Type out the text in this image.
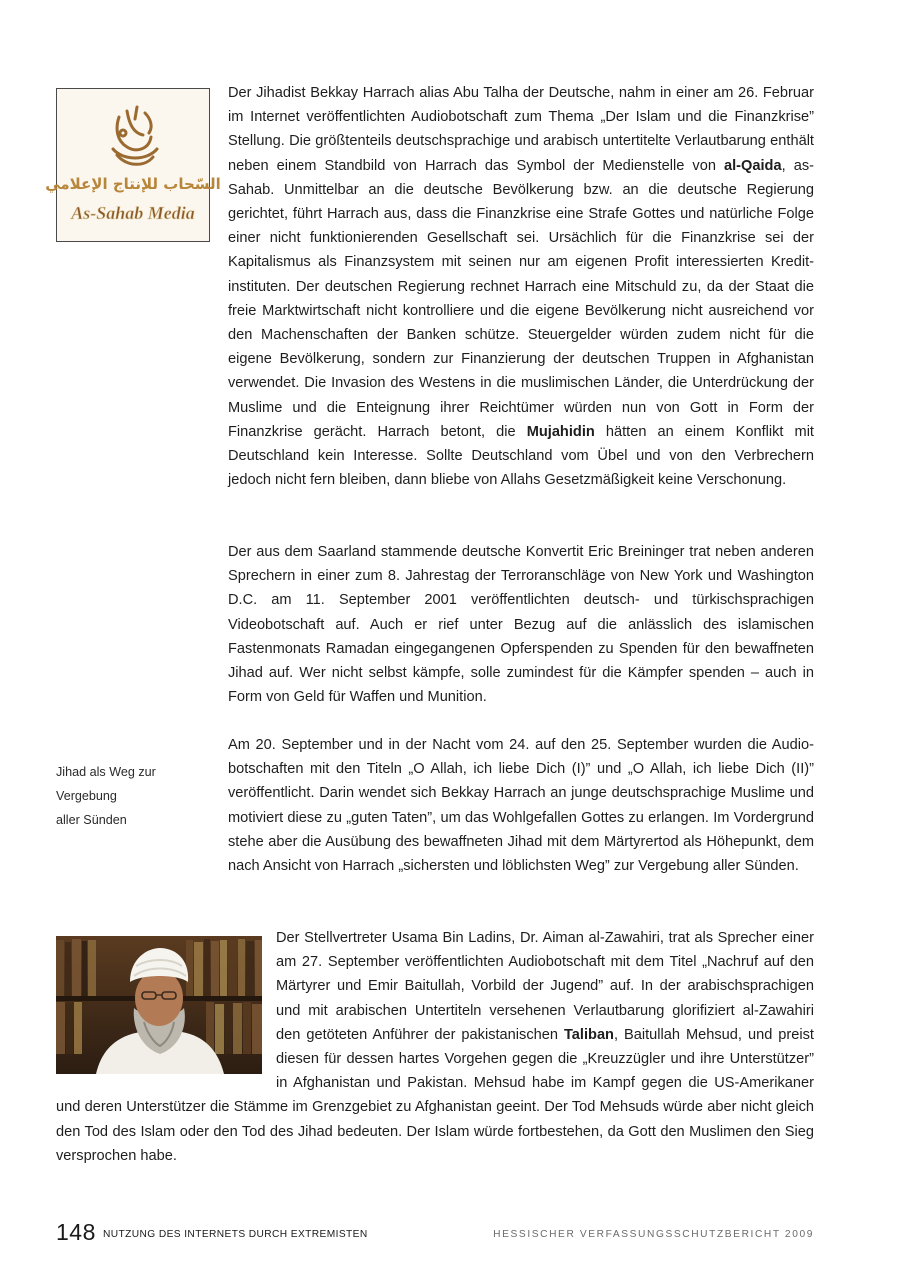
السّحاب للإنتاج الإعلامي
As-Sahab Media

Der Jihadist Bekkay Harrach alias Abu Talha der Deutsche, nahm in einer am 26. Februar im Internet veröffentlichten Audiobotschaft zum Thema „Der Islam und die Finanzkrise” Stellung. Die größtenteils deutschsprachige und arabisch untertitelte Verlautbarung enthält neben einem Standbild von Harrach das Symbol der Medienstelle von al-Qaida, as-Sahab. Unmittelbar an die deutsche Bevölkerung bzw. an die deutsche Regierung gerichtet, führt Harrach aus, dass die Finanzkrise eine Strafe Gottes und natürliche Folge einer nicht funktionierenden Gesellschaft sei. Ursächlich für die Finanzkrise sei der Kapitalismus als Finanzsystem mit seinen nur am eigenen Profit interessierten Kreditinstituten. Der deutschen Regierung rechnet Harrach eine Mitschuld zu, da der Staat die freie Marktwirtschaft nicht kontrolliere und die eigene Bevölkerung nicht ausreichend vor den Machenschaften der Banken schütze. Steuergelder würden zudem nicht für die eigene Bevölkerung, sondern zur Finanzierung der deutschen Truppen in Afghanistan verwendet. Die Invasion des Westens in die muslimischen Länder, die Unterdrückung der Muslime und die Enteignung ihrer Reichtümer würden nun von Gott in Form der Finanzkrise gerächt. Harrach betont, die Mujahidin hätten an einem Konflikt mit Deutschland kein Interesse. Sollte Deutschland vom Übel und von den Verbrechern jedoch nicht fern bleiben, dann bliebe von Allahs Gesetzmäßigkeit keine Verschonung.

Der aus dem Saarland stammende deutsche Konvertit Eric Breininger trat neben anderen Sprechern in einer zum 8. Jahrestag der Terroranschläge von New York und Washington D.C. am 11. September 2001 veröffentlichten deutsch- und türkischsprachigen Videobotschaft auf. Auch er rief unter Bezug auf die anlässlich des islamischen Fastenmonats Ramadan eingegangenen Opferspenden zu Spenden für den bewaffneten Jihad auf. Wer nicht selbst kämpfe, solle zumindest für die Kämpfer spenden – auch in Form von Geld für Waffen und Munition.

Jihad als Weg zur Vergebung
aller Sünden

Am 20. September und in der Nacht vom 24. auf den 25. September wurden die Audiobotschaften mit den Titeln „O Allah, ich liebe Dich (I)” und „O Allah, ich liebe Dich (II)” veröffentlicht. Darin wendet sich Bekkay Harrach an junge deutschsprachige Muslime und motiviert diese zu „guten Taten”, um das Wohlgefallen Gottes zu erlangen. Im Vordergrund stehe aber die Ausübung des bewaffneten Jihad mit dem Märtyrertod als Höhepunkt, dem nach Ansicht von Harrach „sichersten und löblichsten Weg” zur Vergebung aller Sünden.

Der Stellvertreter Usama Bin Ladins, Dr. Aiman al-Zawahiri, trat als Sprecher einer am 27. September veröffentlichten Audiobotschaft mit dem Titel „Nachruf auf den Märtyrer und Emir Baitullah, Vorbild der Jugend” auf. In der arabischsprachigen und mit arabischen Untertiteln versehenen Verlautbarung glorifiziert al-Zawahiri den getöteten Anführer der pakistanischen Taliban, Baitullah Mehsud, und preist diesen für dessen hartes Vorgehen gegen die „Kreuzzügler und ihre Unterstützer” in Afghanistan und Pakistan. Mehsud habe im Kampf gegen die US-Amerikaner und deren Unterstützer die Stämme im Grenzgebiet zu Afghanistan geeint. Der Tod Mehsuds würde aber nicht gleich den Tod des Islam oder den Tod des Jihad bedeuten. Der Islam würde fortbestehen, da Gott den Muslimen den Sieg versprochen habe.

148 NUTZUNG DES INTERNETS DURCH EXTREMISTEN	HESSISCHER VERFASSUNGSSCHUTZBERICHT 2009
